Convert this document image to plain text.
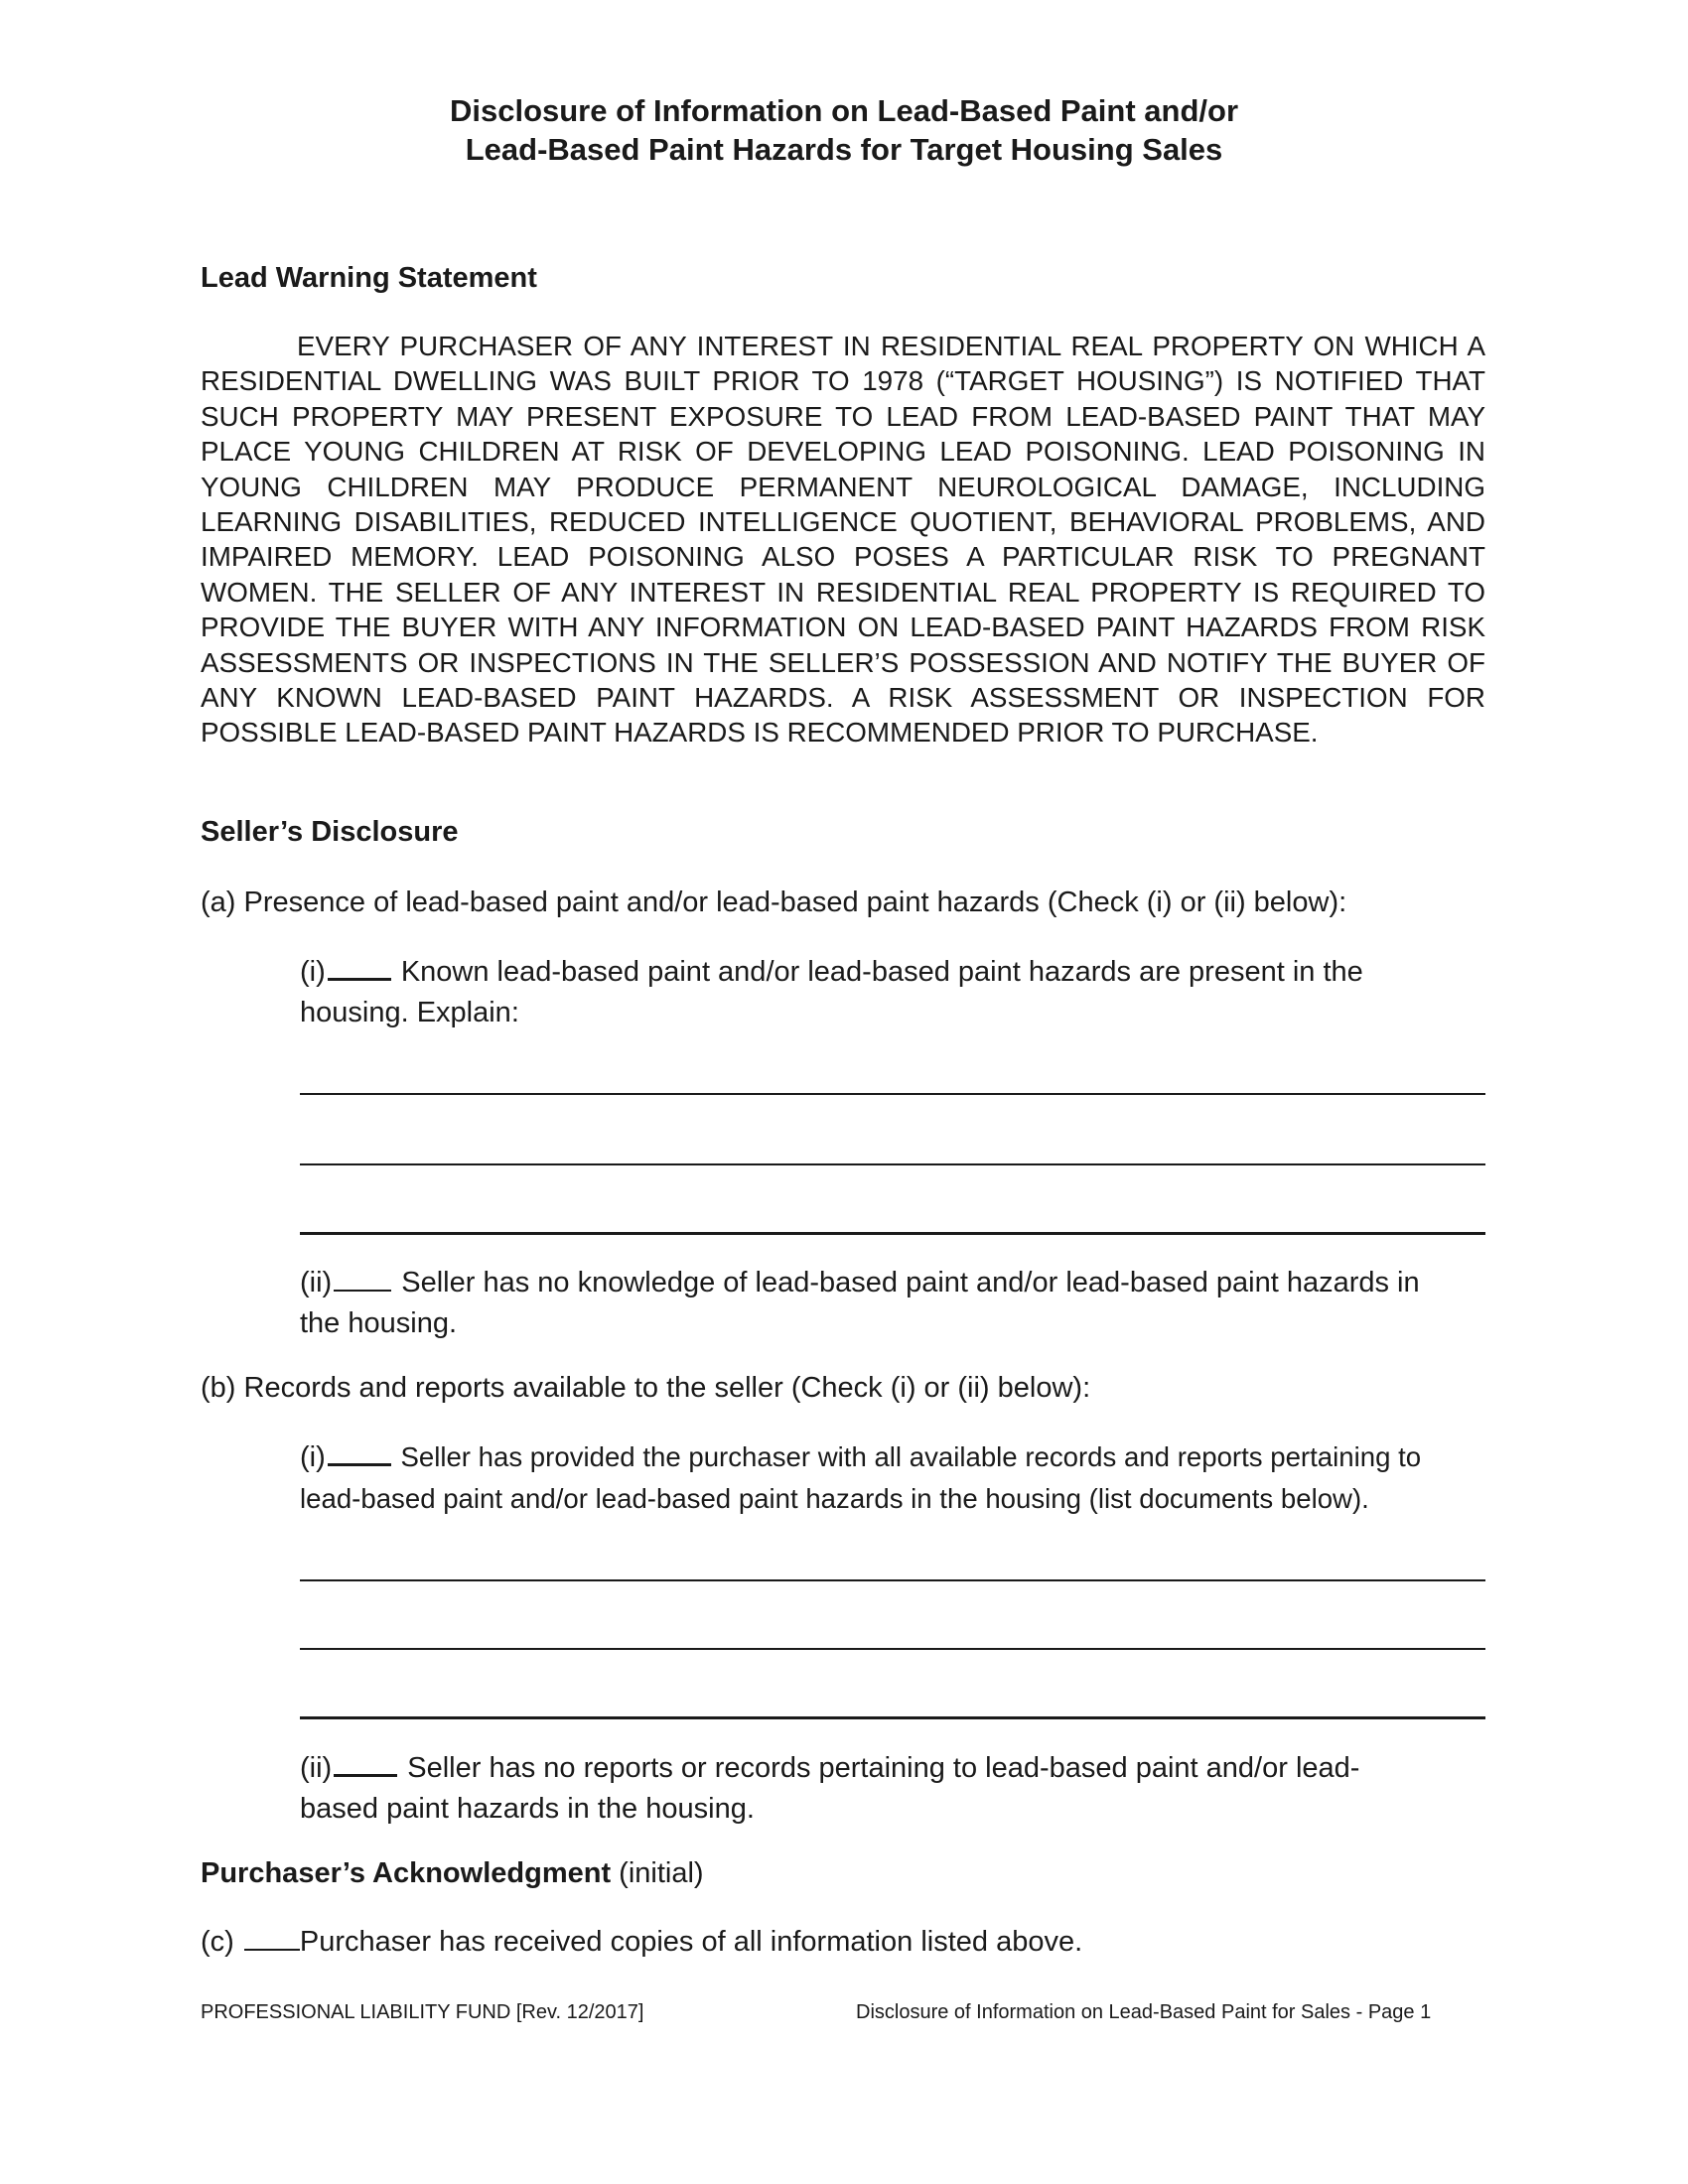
Disclosure of Information on Lead-Based Paint and/or
Lead-Based Paint Hazards for Target Housing Sales
Lead Warning Statement
EVERY PURCHASER OF ANY INTEREST IN RESIDENTIAL REAL PROPERTY ON WHICH A RESIDENTIAL DWELLING WAS BUILT PRIOR TO 1978 (“TARGET HOUSING”) IS NOTIFIED THAT SUCH PROPERTY MAY PRESENT EXPOSURE TO LEAD FROM LEAD-BASED PAINT THAT MAY PLACE YOUNG CHILDREN AT RISK OF DEVELOPING LEAD POISONING. LEAD POISONING IN YOUNG CHILDREN MAY PRODUCE PERMANENT NEUROLOGICAL DAMAGE, INCLUDING LEARNING DISABILITIES, REDUCED INTELLIGENCE QUOTIENT, BEHAVIORAL PROBLEMS, AND IMPAIRED MEMORY. LEAD POISONING ALSO POSES A PARTICULAR RISK TO PREGNANT WOMEN. THE SELLER OF ANY INTEREST IN RESIDENTIAL REAL PROPERTY IS REQUIRED TO PROVIDE THE BUYER WITH ANY INFORMATION ON LEAD-BASED PAINT HAZARDS FROM RISK ASSESSMENTS OR INSPECTIONS IN THE SELLER’S POSSESSION AND NOTIFY THE BUYER OF ANY KNOWN LEAD-BASED PAINT HAZARDS. A RISK ASSESSMENT OR INSPECTION FOR POSSIBLE LEAD-BASED PAINT HAZARDS IS RECOMMENDED PRIOR TO PURCHASE.
Seller’s Disclosure
(a) Presence of lead-based paint and/or lead-based paint hazards (Check (i) or (ii) below):
(i)	Known lead-based paint and/or lead-based paint hazards are present in the
housing. Explain:
(ii) Seller has no knowledge of lead-based paint and/or lead-based paint hazards in
the housing.
(b) Records and reports available to the seller (Check (i) or (ii) below):
(i)	Seller has provided the purchaser with all available records and reports pertaining to
lead-based paint and/or lead-based paint hazards in the housing (list documents below).
(ii)	Seller has no reports or records pertaining to lead-based paint and/or lead-
based paint hazards in the housing.
Purchaser’s Acknowledgment (initial)
(c) Purchaser has received copies of all information listed above.
PROFESSIONAL LIABILITY FUND [Rev. 12/2017]	Disclosure of Information on Lead-Based Paint for Sales - Page 1
